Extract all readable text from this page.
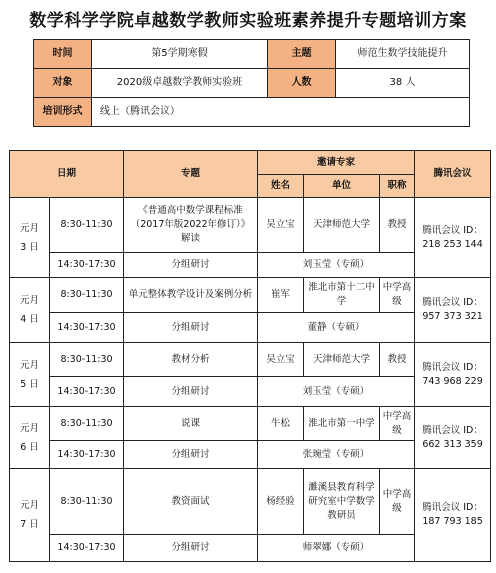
数学科学学院卓越数学教师实验班素养提升专题培训方案
时间	第5学期寒假	主题	师范生数学技能提升
对象	2020级卓越数学教师实验班	人数	38 人
培训形式	线上（腾讯会议）		
日期		专题	邀请专家			腾讯会议
			姓名	单位	职称	

元月
3 日	8:30-11:30	《普通高中数学课程标准（2017年版2022年修订）》解读	吴立宝	天津师范大学	教授	腾讯会议 ID：218 253 144
	14:30-17:30	分组研讨	刘玉莹（专硕）			

元月
4 日	8:30-11:30	单元整体教学设计及案例分析	崔军	淮北市第十二中学	中学高级	腾讯会议 ID：957 373 321
	14:30-17:30	分组研讨	董静（专硕）			

元月
5 日	8:30-11:30	教材分析	吴立宝	天津师范大学	教授	腾讯会议 ID：743 968 229
	14:30-17:30	分组研讨	刘玉莹（专硕）			

元月
6 日	8:30-11:30	说课	牛松	淮北市第一中学	中学高级	腾讯会议 ID：662 313 359
	14:30-17:30	分组研讨	张琬莹（专硕）			

元月
7 日	8:30-11:30	教资面试	杨经验	濉溪县教育科学研究室中学数学教研员	中学高级	腾讯会议 ID：187 793 185
	14:30-17:30	分组研讨	师翠娜（专硕）			
